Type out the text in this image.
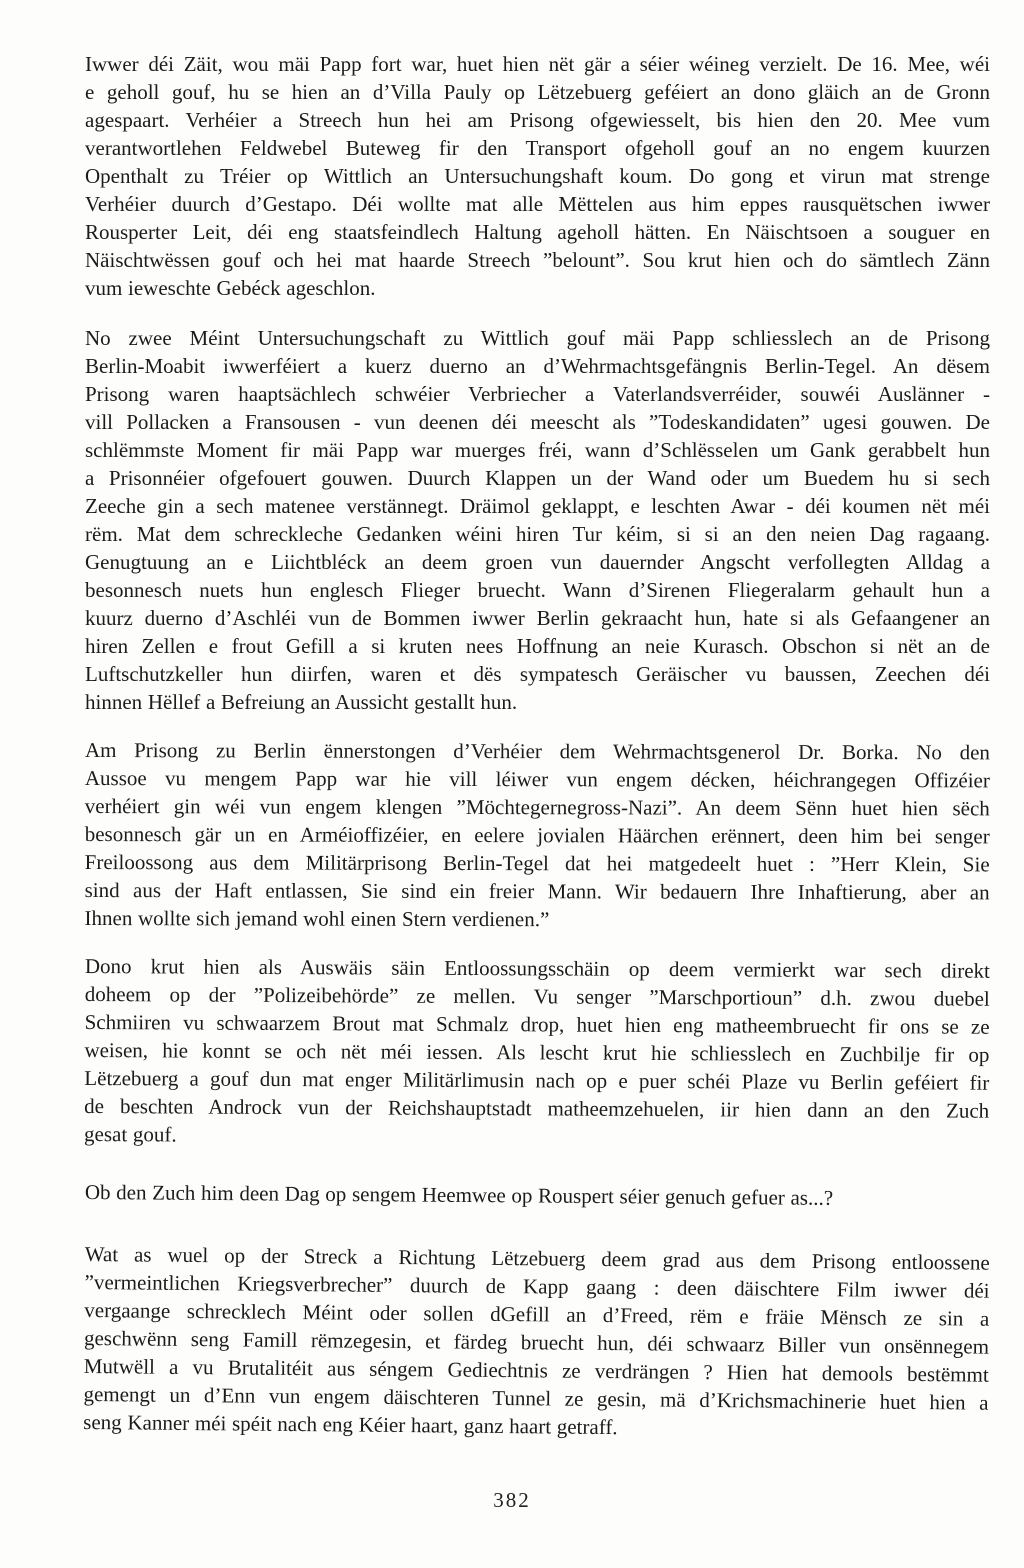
Iwwer déi Zäit, wou mäi Papp fort war, huet hien nët gär a séier wéineg verzielt. De 16. Mee, wéi
e geholl gouf, hu se hien an d’Villa Pauly op Lëtzebuerg geféiert an dono gläich an de Gronn
agespaart. Verhéier a Streech hun hei am Prisong ofgewiesselt, bis hien den 20. Mee vum
verantwortlehen Feldwebel Buteweg fir den Transport ofgeholl gouf an no engem kuurzen
Openthalt zu Tréier op Wittlich an Untersuchungshaft koum. Do gong et virun mat strenge
Verhéier duurch d’Gestapo. Déi wollte mat alle Mëttelen aus him eppes rausquëtschen iwwer
Rousperter Leit, déi eng staatsfeindlech Haltung ageholl hätten. En Näischtsoen a souguer en
Näischtwëssen gouf och hei mat haarde Streech ”belount”. Sou krut hien och do sämtlech Zänn
vum ieweschte Gebéck ageschlon.
No zwee Méint Untersuchungschaft zu Wittlich gouf mäi Papp schliesslech an de Prisong
Berlin-Moabit iwwerféiert a kuerz duerno an d’Wehrmachtsgefängnis Berlin-Tegel. An dësem
Prisong waren haaptsächlech schwéier Verbriecher a Vaterlandsverréider, souwéi Auslänner -
vill Pollacken a Fransousen - vun deenen déi meescht als ”Todeskandidaten” ugesi gouwen. De
schlëmmste Moment fir mäi Papp war muerges fréi, wann d’Schlësselen um Gank gerabbelt hun
a Prisonnéier ofgefouert gouwen. Duurch Klappen un der Wand oder um Buedem hu si sech
Zeeche gin a sech matenee verstännegt. Dräimol geklappt, e leschten Awar - déi koumen nët méi
rëm. Mat dem schreckleche Gedanken wéini hiren Tur kéim, si si an den neien Dag ragaang.
Genugtuung an e Liichtbléck an deem groen vun dauernder Angscht verfollegten Alldag a
besonnesch nuets hun englesch Flieger bruecht. Wann d’Sirenen Fliegeralarm gehault hun a
kuurz duerno d’Aschléi vun de Bommen iwwer Berlin gekraacht hun, hate si als Gefaangener an
hiren Zellen e frout Gefill a si kruten nees Hoffnung an neie Kurasch. Obschon si nët an de
Luftschutzkeller hun diirfen, waren et dës sympatesch Geräischer vu baussen, Zeechen déi
hinnen Hëllef a Befreiung an Aussicht gestallt hun.
Am Prisong zu Berlin ënnerstongen d’Verhéier dem Wehrmachtsgenerol Dr. Borka. No den
Aussoe vu mengem Papp war hie vill léiwer vun engem décken, héichrangegen Offizéier
verhéiert gin wéi vun engem klengen ”Möchtegernegross-Nazi”. An deem Sënn huet hien sëch
besonnesch gär un en Arméioffizéier, en eelere jovialen Häärchen erënnert, deen him bei senger
Freiloossong aus dem Militärprisong Berlin-Tegel dat hei matgedeelt huet : ”Herr Klein, Sie
sind aus der Haft entlassen, Sie sind ein freier Mann. Wir bedauern Ihre Inhaftierung, aber an
Ihnen wollte sich jemand wohl einen Stern verdienen.”
Dono krut hien als Auswäis säin Entloossungsschäin op deem vermierkt war sech direkt
doheem op der ”Polizeibehörde” ze mellen. Vu senger ”Marschportioun” d.h. zwou duebel
Schmiiren vu schwaarzem Brout mat Schmalz drop, huet hien eng matheembruecht fir ons se ze
weisen, hie konnt se och nët méi iessen. Als lescht krut hie schliesslech en Zuchbilje fir op
Lëtzebuerg a gouf dun mat enger Militärlimusin nach op e puer schéi Plaze vu Berlin geféiert fir
de beschten Androck vun der Reichshauptstadt matheemzehuelen, iir hien dann an den Zuch
gesat gouf.
Ob den Zuch him deen Dag op sengem Heemwee op Rouspert séier genuch gefuer as...?
Wat as wuel op der Streck a Richtung Lëtzebuerg deem grad aus dem Prisong entloossene
”vermeintlichen Kriegsverbrecher” duurch de Kapp gaang : deen däischtere Film iwwer déi
vergaange schrecklech Méint oder sollen dGefill an d’Freed, rëm e fräie Mënsch ze sin a
geschwënn seng Famill rëmzegesin, et färdeg bruecht hun, déi schwaarz Biller vun onsënnegem
Mutwëll a vu Brutalitéit aus séngem Gediechtnis ze verdrängen ? Hien hat demools bestëmmt
gemengt un d’Enn vun engem däischteren Tunnel ze gesin, mä d’Krichsmachinerie huet hien a
seng Kanner méi spéit nach eng Kéier haart, ganz haart getraff.
382
